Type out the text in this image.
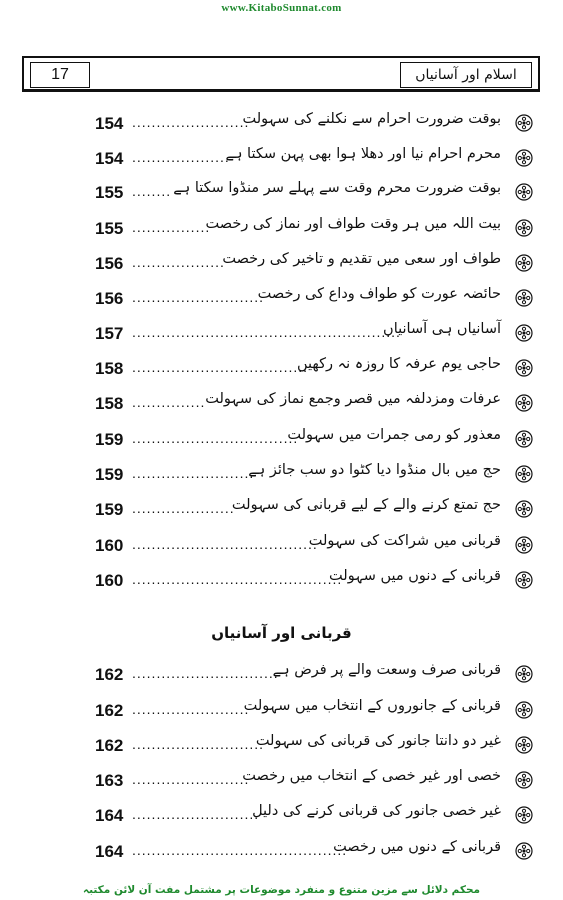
www.KitaboSunnat.com
17	اسلام اور آسانیاں
154 ........................
بوقت ضرورت احرام سے نکلنے کی سہولت
154 ....................
محرم احرام نیا اور دھلا ہوا بھی پہن سکتا ہے
155 ........ بوقت ضرورت محرم وقت سے پہلے سر منڈوا سکتا ہے
155 ................
بیت اللہ میں ہر وقت طواف اور نماز کی رخصت
156 ...................
طواف اور سعی میں تقدیم و تاخیر کی رخصت
156 ...........................
حائضہ عورت کو طواف وداع کی رخصت
157 .......................................................
آسانیاں ہی آسانیاں
158 ....................................
حاجی یوم عرفہ کا روزہ نہ رکھیں
158 ............... عرفات ومزدلفہ میں قصر وجمع نماز کی سہولت
159 ..................................
معذور کو رمی جمرات میں سہولت
159 .........................
حج میں بال منڈوا دیا کٹوا دو سب جائز ہے
159 .....................
حج تمتع کرنے والے کے لیے قربانی کی سہولت
160 ......................................
قربانی میں شراکت کی سہولت
160 ...........................................
قربانی کے دنوں میں سہولت
162 ..............................
قربانی صرف وسعت والے پر فرض ہے
162 ........................
قربانی کے جانوروں کے انتخاب میں سہولت
162 ...........................
غیر دو دانتا جانور کی قربانی کی سہولت
163 ........................
خصی اور غیر خصی کے انتخاب میں رخصت
164 ..........................
غیر خصی جانور کی قربانی کرنے کی دلیل
164 ............................................
قربانی کے دنوں میں رخصت
قربانی اور آسانیاں
محکم دلائل سے مزین متنوع و منفرد موضوعات پر مشتمل مفت آن لائن مکتبہ
